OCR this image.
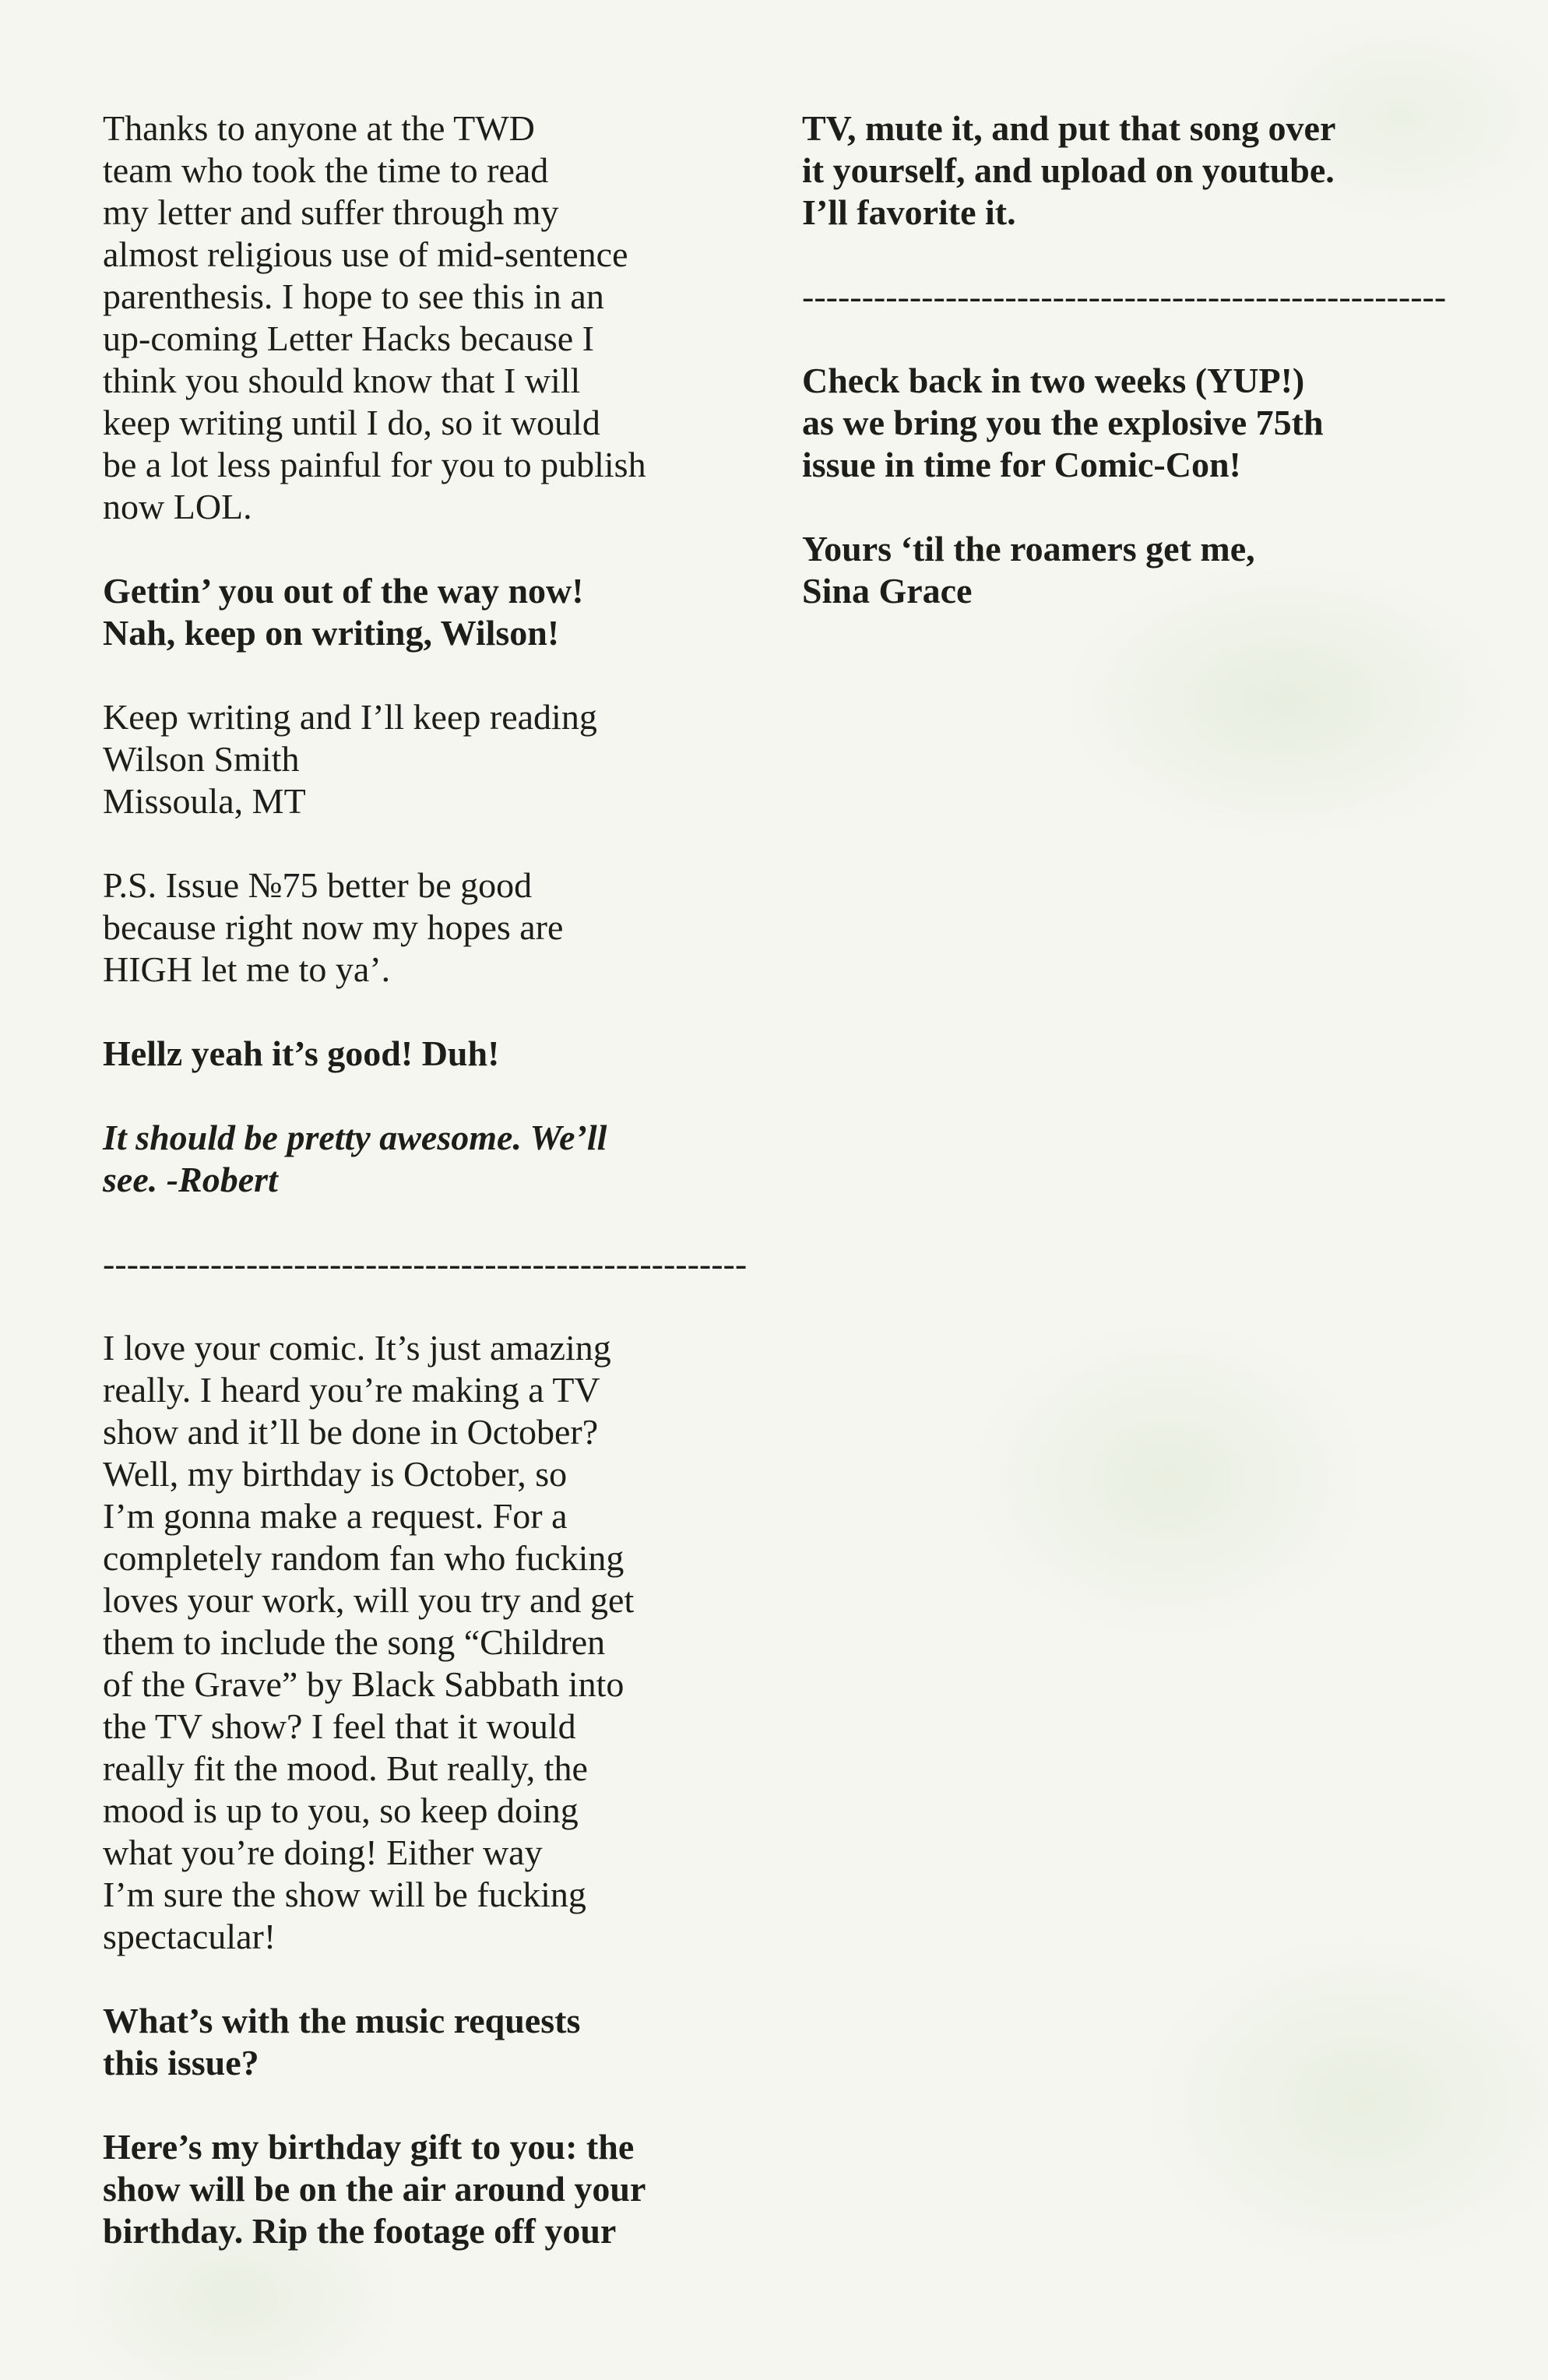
Thanks to anyone at the TWD
team who took the time to read
my letter and suffer through my
almost religious use of mid-sentence
parenthesis. I hope to see this in an
up-coming Letter Hacks because I
think you should know that I will
keep writing until I do, so it would
be a lot less painful for you to publish
now LOL.

Gettin’ you out of the way now!
Nah, keep on writing, Wilson!

Keep writing and I’ll keep reading
Wilson Smith
Missoula, MT

P.S. Issue №75 better be good
because right now my hopes are
HIGH let me to ya’.

Hellz yeah it’s good! Duh!

It should be pretty awesome. We’ll
see. -Robert

------------------------------------------------------

I love your comic. It’s just amazing
really. I heard you’re making a TV
show and it’ll be done in October?
Well, my birthday is October, so
I’m gonna make a request. For a
completely random fan who fucking
loves your work, will you try and get
them to include the song “Children
of the Grave” by Black Sabbath into
the TV show? I feel that it would
really fit the mood. But really, the
mood is up to you, so keep doing
what you’re doing! Either way
I’m sure the show will be fucking
spectacular!

What’s with the music requests
this issue?

Here’s my birthday gift to you: the
show will be on the air around your
birthday. Rip the footage off your

TV, mute it, and put that song over
it yourself, and upload on youtube.
I’ll favorite it.

------------------------------------------------------

Check back in two weeks (YUP!)
as we bring you the explosive 75th
issue in time for Comic-Con!

Yours ‘til the roamers get me,
Sina Grace
